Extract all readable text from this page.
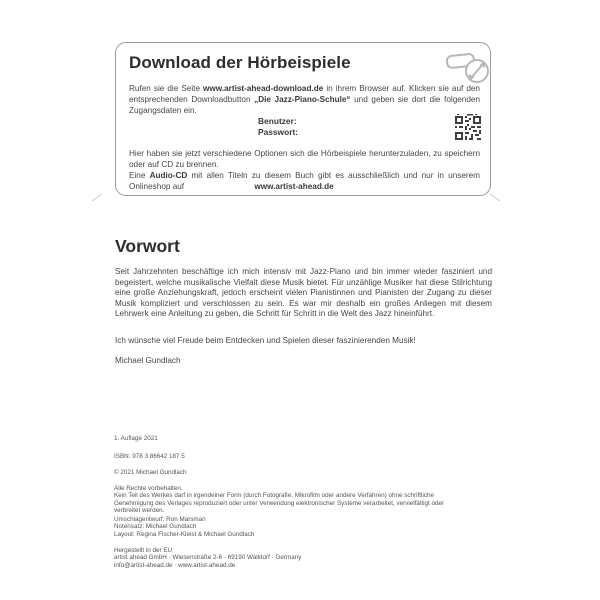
Download der Hörbeispiele
Rufen sie die Seite www.artist-ahead-download.de in ihrem Browser auf. Klicken sie auf den entsprechenden Downloadbutton „Die Jazz-Piano-Schule“ und geben sie dort die folgenden Zugangsdaten ein.
Benutzer:
Passwort:
Hier haben sie jetzt verschiedene Optionen sich die Hörbeispiele herunterzuladen, zu speichern oder auf CD zu brennen.
Eine Audio-CD mit allen Titeln zu diesem Buch gibt es ausschließlich und nur in unserem Onlineshop auf	www.artist-ahead.de
Vorwort
Seit Jahrzehnten beschäftige ich mich intensiv mit Jazz-Piano und bin immer wieder fasziniert und begeistert, welche musikalische Vielfalt diese Musik bietet. Für unzählige Musiker hat diese Stilrichtung eine große Anziehungskraft, jedoch erscheint vielen Pianistinnen und Pianisten der Zugang zu dieser Musik kompliziert und verschlossen zu sein. Es war mir deshalb ein großes Anliegen mit diesem Lehrwerk eine Anleitung zu geben, die Schritt für Schritt in die Welt des Jazz hineinführt.
Ich wünsche viel Freude beim Entdecken und Spielen dieser faszinierenden Musik!
Michael Gundlach
1. Auflage 2021
ISBN: 978 3 86642 187 5
© 2021 Michael Gundlach
Alle Rechte vorbehalten.
Kein Teil des Werkes darf in irgendeiner Form (durch Fotografie, Mikrofilm oder andere Verfahren) ohne schriftliche Genehmigung des Verlages reproduziert oder unter Verwendung elektronischer Systeme verarbeitet, vervielfältigt oder verbreitet werden.
Umschlagentwurf: Ron Marsman
Notensatz: Michael Gundlach
Layout: Regina Fischer-Kleist & Michael Gundlach
Hergestellt in der EU
artist ahead GmbH · Wiesenstraße 2-6 · 69190 Walldorf · Germany
info@artist-ahead.de · www.artist-ahead.de
